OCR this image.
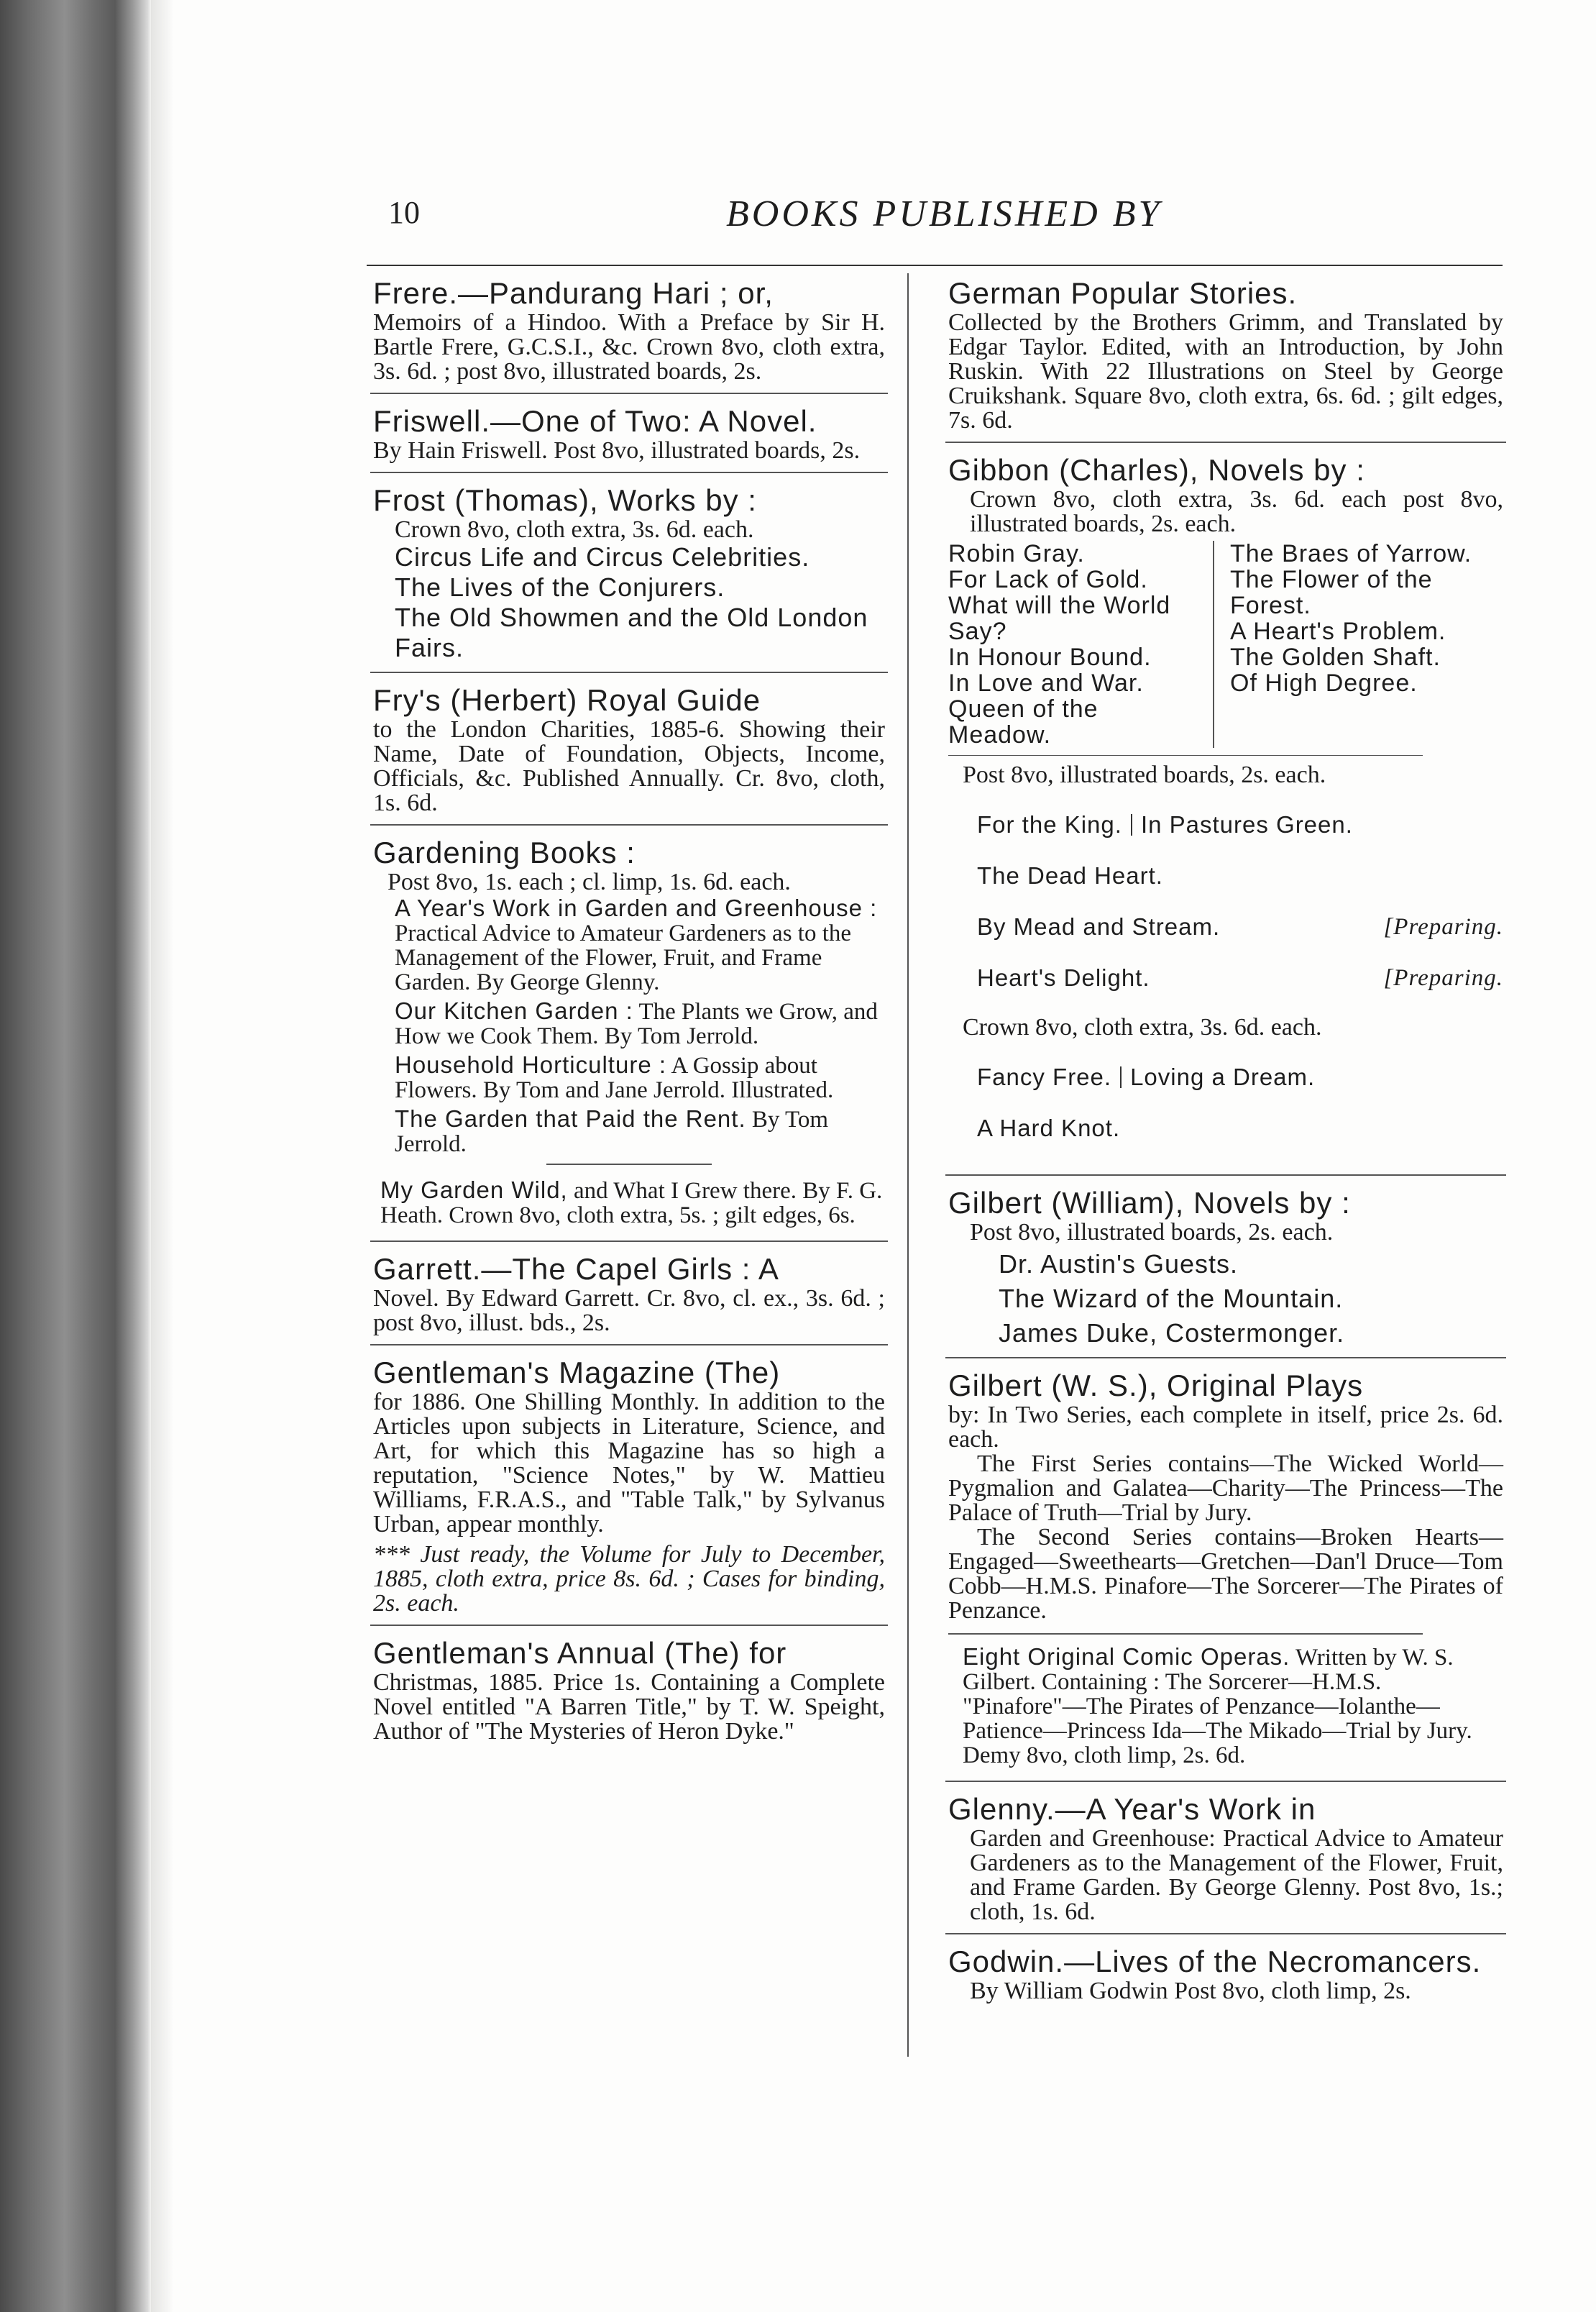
10	BOOKS PUBLISHED BY

Frere.—Pandurang Hari ; or,

Memoirs of a Hindoo. With a Preface by Sir H. Bartle Frere, G.C.S.I., &c. Crown 8vo, cloth extra, 3s. 6d. ; post 8vo, illustrated boards, 2s.

Friswell.—One of Two: A Novel.

By Hain Friswell. Post 8vo, illustrated boards, 2s.

Frost (Thomas), Works by :

Crown 8vo, cloth extra, 3s. 6d. each.

Circus Life and Circus Celebrities.

The Lives of the Conjurers.

The Old Showmen and the Old London Fairs.

Fry's (Herbert) Royal Guide

to the London Charities, 1885-6. Showing their Name, Date of Foundation, Objects, Income, Officials, &c. Published Annually. Cr. 8vo, cloth, 1s. 6d.

Gardening Books :

Post 8vo, 1s. each ; cl. limp, 1s. 6d. each.

A Year's Work in Garden and Greenhouse : Practical Advice to Amateur Gardeners as to the Management of the Flower, Fruit, and Frame Garden. By George Glenny.

Our Kitchen Garden : The Plants we Grow, and How we Cook Them. By Tom Jerrold.

Household Horticulture : A Gossip about Flowers. By Tom and Jane Jerrold. Illustrated.

The Garden that Paid the Rent. By Tom Jerrold.

My Garden Wild, and What I Grew there. By F. G. Heath. Crown 8vo, cloth extra, 5s. ; gilt edges, 6s.

Garrett.—The Capel Girls : A

Novel. By Edward Garrett. Cr. 8vo, cl. ex., 3s. 6d. ; post 8vo, illust. bds., 2s.

Gentleman's Magazine (The)

for 1886. One Shilling Monthly. In addition to the Articles upon subjects in Literature, Science, and Art, for which this Magazine has so high a reputation, "Science Notes," by W. Mattieu Williams, F.R.A.S., and "Table Talk," by Sylvanus Urban, appear monthly.

*** Just ready, the Volume for July to December, 1885, cloth extra, price 8s. 6d. ; Cases for binding, 2s. each.

Gentleman's Annual (The) for

Christmas, 1885. Price 1s. Containing a Complete Novel entitled "A Barren Title," by T. W. Speight, Author of "The Mysteries of Heron Dyke."

German Popular Stories.

Collected by the Brothers Grimm, and Translated by Edgar Taylor. Edited, with an Introduction, by John Ruskin. With 22 Illustrations on Steel by George Cruikshank. Square 8vo, cloth extra, 6s. 6d. ; gilt edges, 7s. 6d.

Gibbon (Charles), Novels by :

Crown 8vo, cloth extra, 3s. 6d. each post 8vo, illustrated boards, 2s. each.

Robin Gray.
For Lack of Gold.
What will the World Say?
In Honour Bound.
In Love and War.
Queen of the Meadow.
The Braes of Yarrow.
The Flower of the Forest.
A Heart's Problem.
The Golden Shaft.
Of High Degree.

Post 8vo, illustrated boards, 2s. each.

For the King. In Pastures Green.

The Dead Heart.

By Mead and Stream.	[Preparing.

Heart's Delight.	[Preparing.

Crown 8vo, cloth extra, 3s. 6d. each.

Fancy Free. Loving a Dream.

A Hard Knot.

Gilbert (William), Novels by :

Post 8vo, illustrated boards, 2s. each.

Dr. Austin's Guests.

The Wizard of the Mountain.

James Duke, Costermonger.

Gilbert (W. S.), Original Plays

by: In Two Series, each complete in itself, price 2s. 6d. each.

The First Series contains—The Wicked World—Pygmalion and Galatea—Charity—The Princess—The Palace of Truth—Trial by Jury.

The Second Series contains—Broken Hearts—Engaged—Sweethearts—Gretchen—Dan'l Druce—Tom Cobb—H.M.S. Pinafore—The Sorcerer—The Pirates of Penzance.

Eight Original Comic Operas. Written by W. S. Gilbert. Containing : The Sorcerer—H.M.S. "Pinafore"—The Pirates of Penzance—Iolanthe—Patience—Princess Ida—The Mikado—Trial by Jury. Demy 8vo, cloth limp, 2s. 6d.

Glenny.—A Year's Work in

Garden and Greenhouse: Practical Advice to Amateur Gardeners as to the Management of the Flower, Fruit, and Frame Garden. By George Glenny. Post 8vo, 1s.; cloth, 1s. 6d.

Godwin.—Lives of the Necromancers.

By William Godwin Post 8vo, cloth limp, 2s.
